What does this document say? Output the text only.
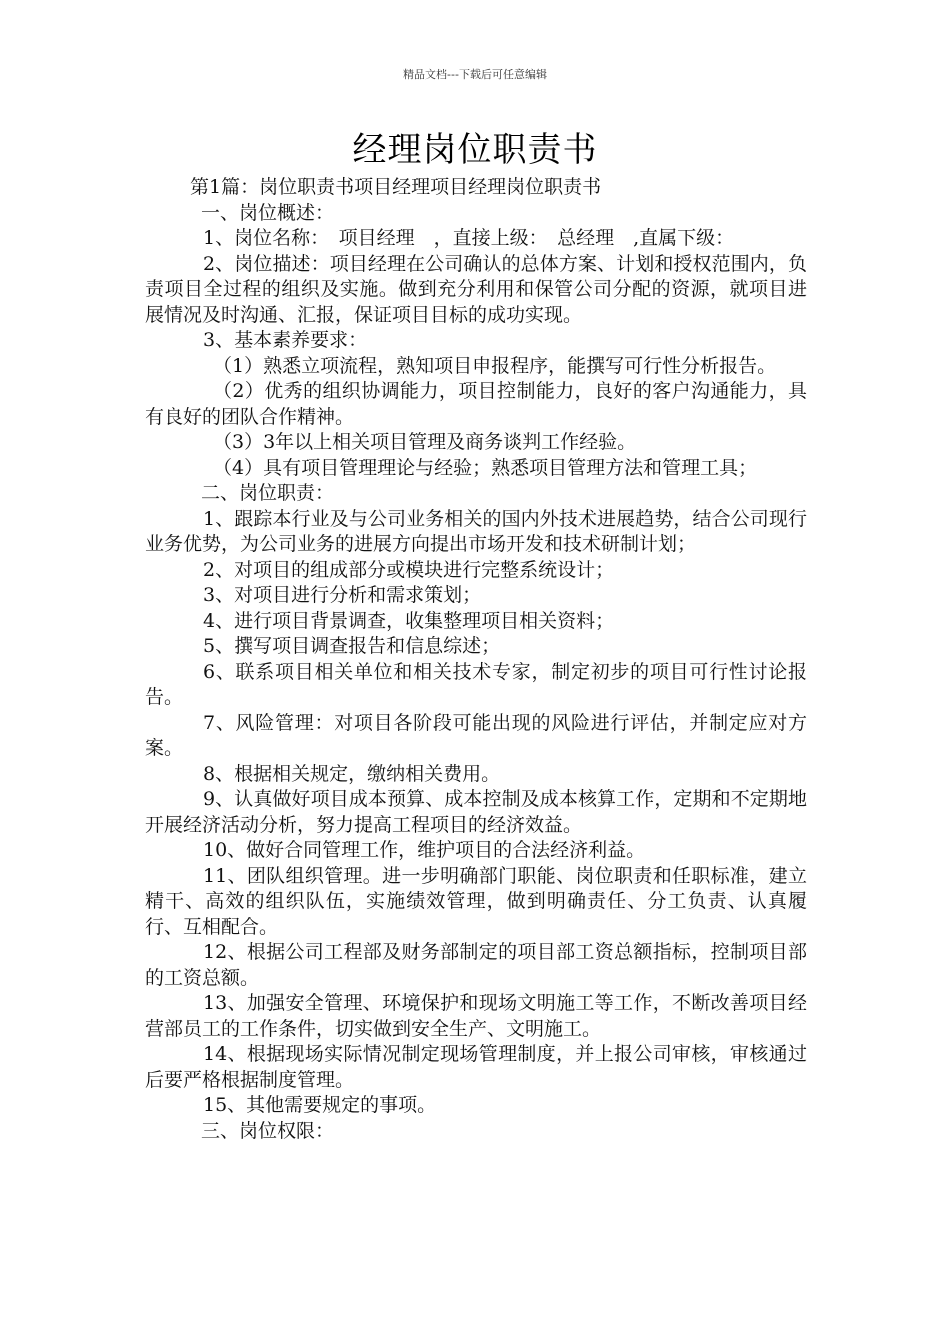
精品文档---下载后可任意编辑
经理岗位职责书

第1篇：岗位职责书项目经理项目经理岗位职责书

一、岗位概述：

1、岗位名称：　项目经理　，直接上级：　总经理　,直属下级：

2、岗位描述：项目经理在公司确认的总体方案、计划和授权范围内，负责项目全过程的组织及实施。做到充分利用和保管公司分配的资源，就项目进展情况及时沟通、汇报，保证项目目标的成功实现。

3、基本素养要求：

（1）熟悉立项流程，熟知项目申报程序，能撰写可行性分析报告。

（2）优秀的组织协调能力，项目控制能力，良好的客户沟通能力，具有良好的团队合作精神。

（3）3年以上相关项目管理及商务谈判工作经验。

（4）具有项目管理理论与经验；熟悉项目管理方法和管理工具；

二、岗位职责：

1、跟踪本行业及与公司业务相关的国内外技术进展趋势，结合公司现行业务优势，为公司业务的进展方向提出市场开发和技术研制计划；

2、对项目的组成部分或模块进行完整系统设计；

3、对项目进行分析和需求策划；

4、进行项目背景调查，收集整理项目相关资料；

5、撰写项目调查报告和信息综述；

6、联系项目相关单位和相关技术专家，制定初步的项目可行性讨论报告。

7、风险管理：对项目各阶段可能出现的风险进行评估，并制定应对方案。

8、根据相关规定，缴纳相关费用。

9、认真做好项目成本预算、成本控制及成本核算工作，定期和不定期地开展经济活动分析，努力提高工程项目的经济效益。

10、做好合同管理工作，维护项目的合法经济利益。

11、团队组织管理。进一步明确部门职能、岗位职责和任职标准，建立精干、高效的组织队伍，实施绩效管理，做到明确责任、分工负责、认真履行、互相配合。

12、根据公司工程部及财务部制定的项目部工资总额指标，控制项目部的工资总额。

13、加强安全管理、环境保护和现场文明施工等工作，不断改善项目经营部员工的工作条件，切实做到安全生产、文明施工。

14、根据现场实际情况制定现场管理制度，并上报公司审核，审核通过后要严格根据制度管理。

15、其他需要规定的事项。

三、岗位权限：
